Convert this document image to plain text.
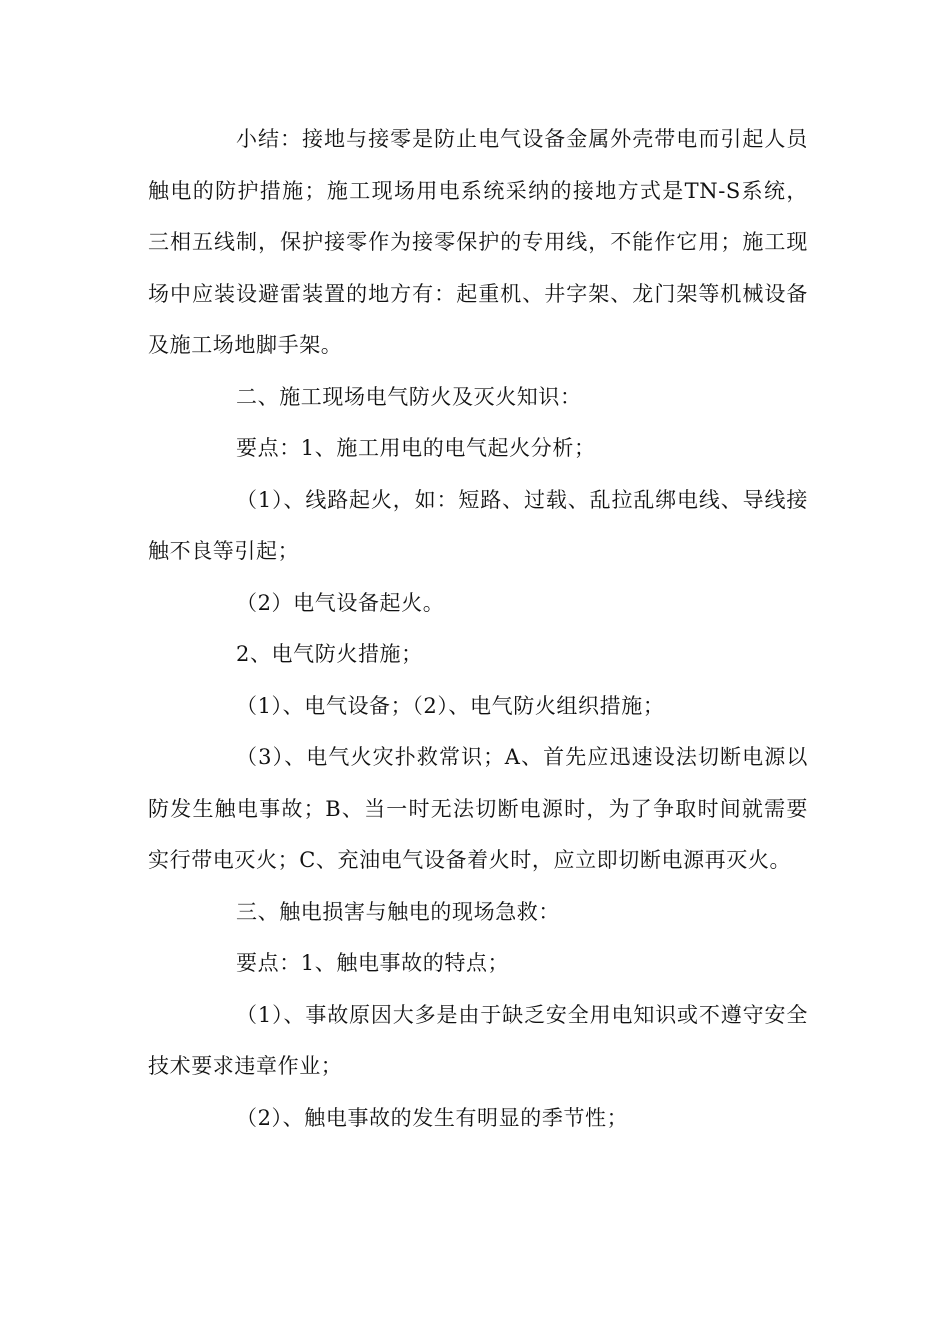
小结：接地与接零是防止电气设备金属外壳带电而引起人员触电的防护措施；施工现场用电系统采纳的接地方式是TN-S系统，三相五线制，保护接零作为接零保护的专用线，不能作它用；施工现场中应装设避雷装置的地方有：起重机、井字架、龙门架等机械设备及施工场地脚手架。

二、施工现场电气防火及灭火知识：

要点：1、施工用电的电气起火分析；

（1）、线路起火，如：短路、过载、乱拉乱绑电线、导线接触不良等引起；

（2）电气设备起火。

2、电气防火措施；

（1）、电气设备；（2）、电气防火组织措施；

（3）、电气火灾扑救常识；A、首先应迅速设法切断电源以防发生触电事故；B、当一时无法切断电源时，为了争取时间就需要实行带电灭火；C、充油电气设备着火时，应立即切断电源再灭火。

三、触电损害与触电的现场急救：

要点：1、触电事故的特点；

（1）、事故原因大多是由于缺乏安全用电知识或不遵守安全技术要求违章作业；

（2）、触电事故的发生有明显的季节性；
